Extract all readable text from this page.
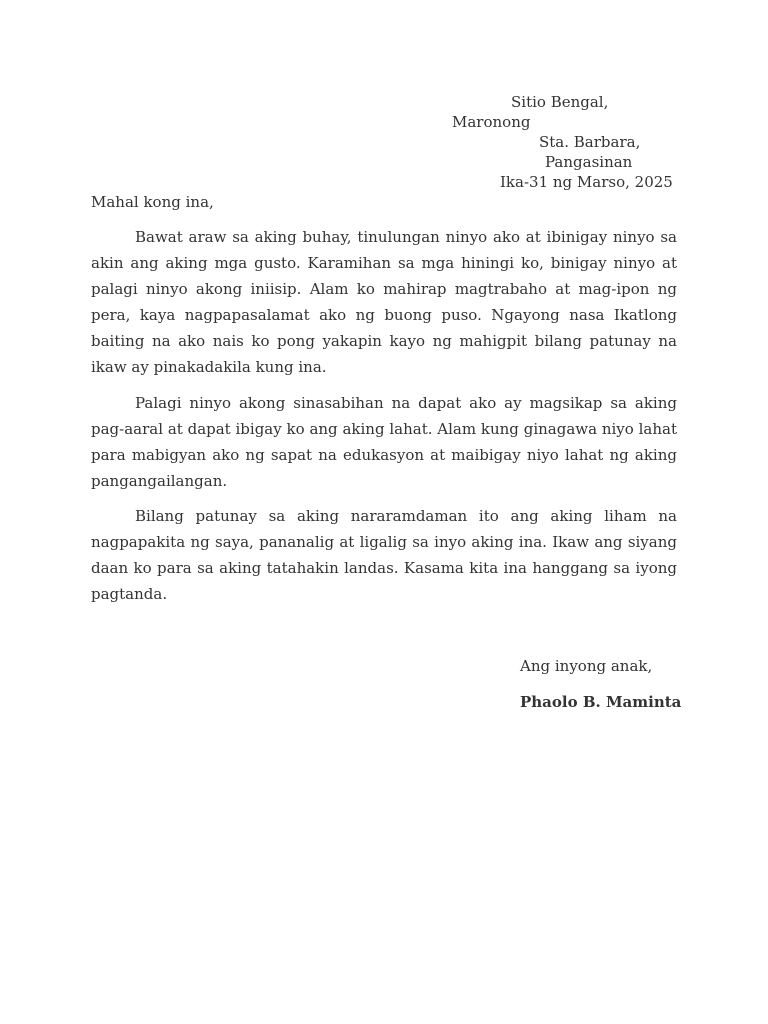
Sitio Bengal,
Maronong
Sta. Barbara,
Pangasinan
Ika-31 ng Marso, 2025
Mahal kong ina,

Bawat araw sa aking buhay, tinulungan ninyo ako at ibinigay ninyo sa akin ang aking mga gusto. Karamihan sa mga hiningi ko, binigay ninyo at palagi ninyo akong iniisip. Alam ko mahirap magtrabaho at mag-ipon ng pera, kaya nagpapasalamat ako ng buong puso. Ngayong nasa Ikatlong baiting na ako nais ko pong yakapin kayo ng mahigpit bilang patunay na ikaw ay pinakadakila kung ina.

Palagi ninyo akong sinasabihan na dapat ako ay magsikap sa aking pag-aaral at dapat ibigay ko ang aking lahat. Alam kung ginagawa niyo lahat para mabigyan ako ng sapat na edukasyon at maibigay niyo lahat ng aking pangangailangan.

Bilang patunay sa aking nararamdaman ito ang aking liham na nagpapakita ng saya, pananalig at ligalig sa inyo aking ina. Ikaw ang siyang daan ko para sa aking tatahakin landas. Kasama kita ina hanggang sa iyong pagtanda.

Ang inyong anak,
Phaolo B. Maminta
